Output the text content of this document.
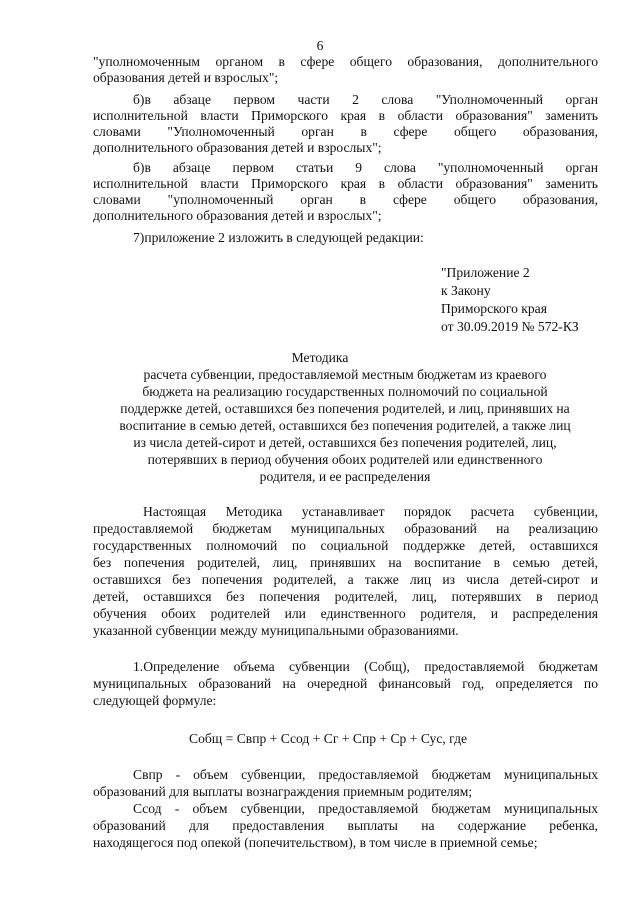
6
"уполномоченным органом в сфере общего образования, дополнительного
образования детей и взрослых";
б)в абзаце первом части 2 слова "Уполномоченный орган
исполнительной власти Приморского края в области образования" заменить
словами "Уполномоченный орган в сфере общего образования,
дополнительного образования детей и взрослых";
б)в абзаце первом статьи 9 слова "уполномоченный орган
исполнительной власти Приморского края в области образования" заменить
словами "уполномоченный орган в сфере общего образования,
дополнительного образования детей и взрослых";
7)приложение 2 изложить в следующей редакции:
"Приложение 2
к Закону
Приморского края
от 30.09.2019 № 572-КЗ
Методика
расчета субвенции, предоставляемой местным бюджетам из краевого
бюджета на реализацию государственных полномочий по социальной
поддержке детей, оставшихся без попечения родителей, и лиц, принявших на
воспитание в семью детей, оставшихся без попечения родителей, а также лиц
из числа детей-сирот и детей, оставшихся без попечения родителей, лиц,
потерявших в период обучения обоих родителей или единственного
родителя, и ее распределения
Настоящая Методика устанавливает порядок расчета субвенции,
предоставляемой бюджетам муниципальных образований на реализацию
государственных полномочий по социальной поддержке детей, оставшихся
без попечения родителей, лиц, принявших на воспитание в семью детей,
оставшихся без попечения родителей, а также лиц из числа детей-сирот и
детей, оставшихся без попечения родителей, лиц, потерявших в период
обучения обоих родителей или единственного родителя, и распределения
указанной субвенции между муниципальными образованиями.
1.Определение объема субвенции (Собщ), предоставляемой бюджетам
муниципальных образований на очередной финансовый год, определяется по
следующей формуле:
Собщ = Свпр + Ссод + Сг + Спр + Ср + Сус, где
Свпр - объем субвенции, предоставляемой бюджетам муниципальных
образований для выплаты вознаграждения приемным родителям;
Ссод - объем субвенции, предоставляемой бюджетам муниципальных
образований для предоставления выплаты на содержание ребенка,
находящегося под опекой (попечительством), в том числе в приемной семье;
